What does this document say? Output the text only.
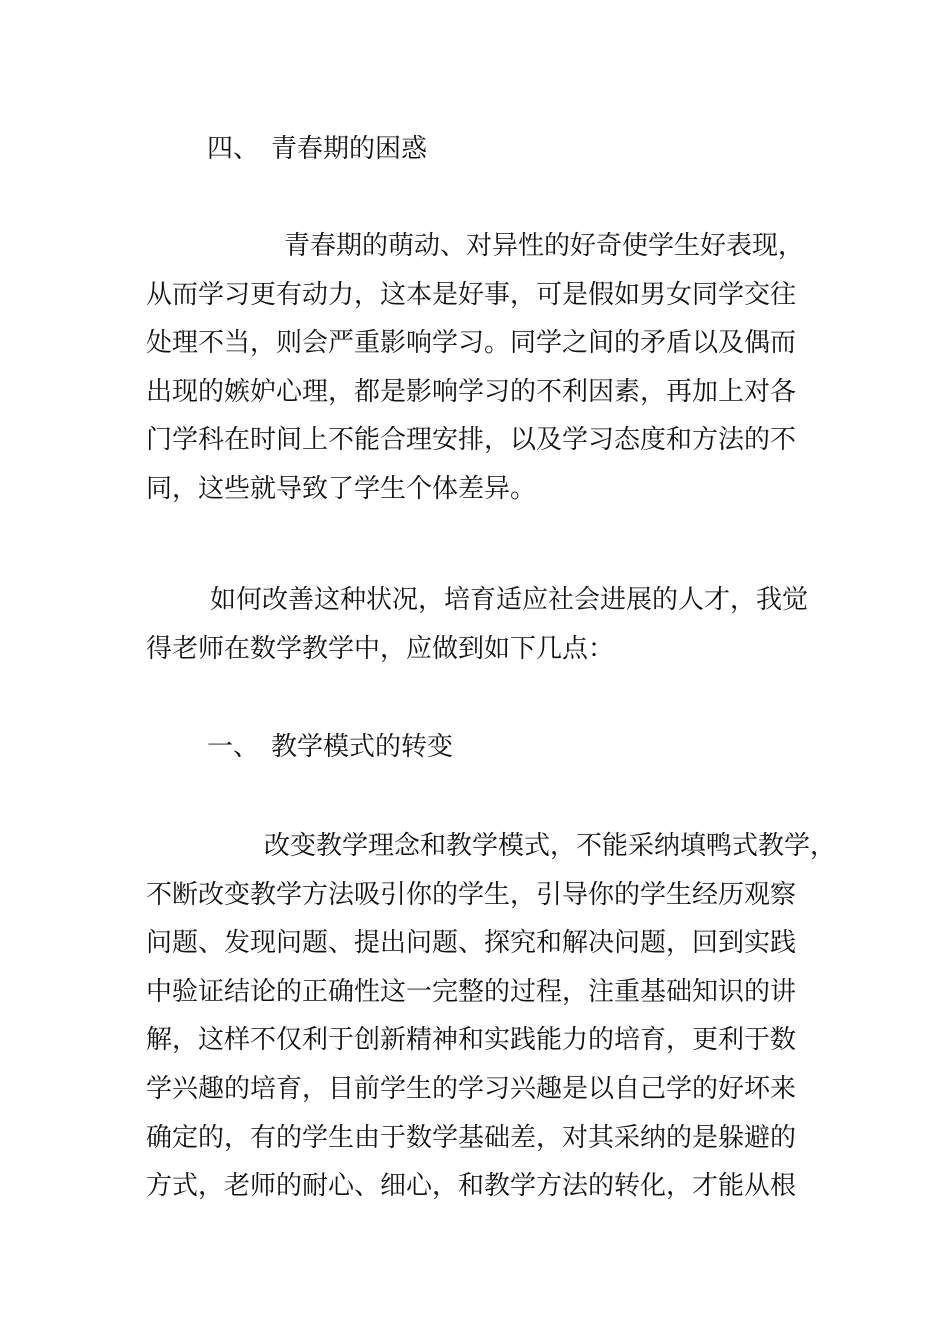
四、 青春期的困惑
青春期的萌动、对异性的好奇使学生好表现，
从而学习更有动力，这本是好事，可是假如男女同学交往
处理不当，则会严重影响学习。同学之间的矛盾以及偶而
出现的嫉妒心理，都是影响学习的不利因素，再加上对各
门学科在时间上不能合理安排，以及学习态度和方法的不
同，这些就导致了学生个体差异。
如何改善这种状况，培育适应社会进展的人才，我觉
得老师在数学教学中，应做到如下几点：
一、 教学模式的转变
改变教学理念和教学模式，不能采纳填鸭式教学，
不断改变教学方法吸引你的学生，引导你的学生经历观察
问题、发现问题、提出问题、探究和解决问题，回到实践
中验证结论的正确性这一完整的过程，注重基础知识的讲
解，这样不仅利于创新精神和实践能力的培育，更利于数
学兴趣的培育，目前学生的学习兴趣是以自己学的好坏来
确定的，有的学生由于数学基础差，对其采纳的是躲避的
方式，老师的耐心、细心，和教学方法的转化，才能从根
